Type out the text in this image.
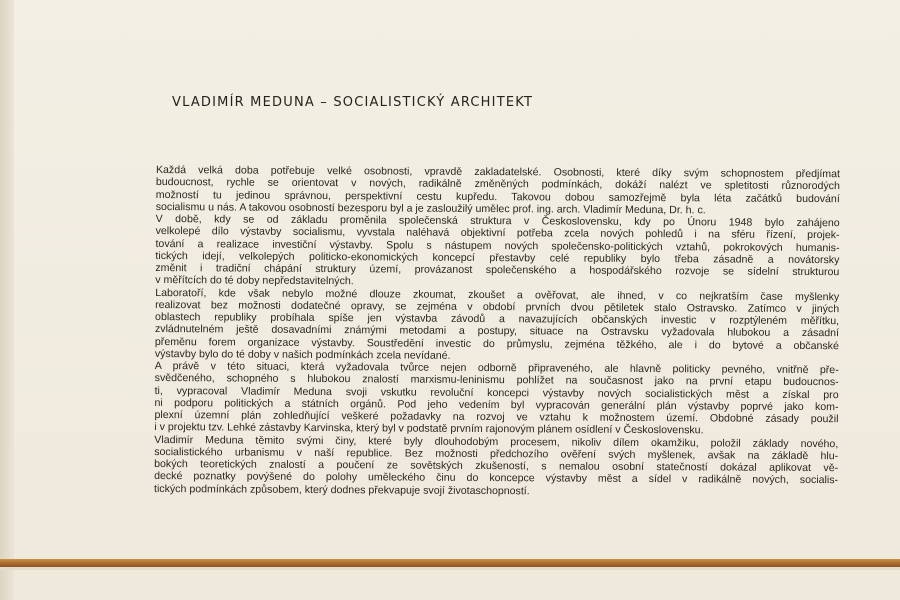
VLADIMÍR MEDUNA – SOCIALISTICKÝ ARCHITEKT
Každá velká doba potřebuje velké osobnosti, vpravdě zakladatelské. Osobnosti, které díky svým schopnostem předjímat
budoucnost, rychle se orientovat v nových, radikálně změněných podmínkách, dokáží nalézt ve spletitosti různorodých
možností tu jedinou správnou, perspektivní cestu kupředu. Takovou dobou samozřejmě byla léta začátků budování
socialismu u nás. A takovou osobností bezesporu byl a je zasloužilý umělec prof. ing. arch. Vladimír Meduna, Dr. h. c.
V době, kdy se od základu proměnila společenská struktura v Československu, kdy po Únoru 1948 bylo zahájeno
velkolepé dílo výstavby socialismu, vyvstala naléhavá objektivní potřeba zcela nových pohledů i na sféru řízení, projek-
tování a realizace investiční výstavby. Spolu s nástupem nových společensko-politických vztahů, pokrokových humanis-
tických idejí, velkolepých politicko-ekonomických koncepcí přestavby celé republiky bylo třeba zásadně a novátorsky
změnit i tradiční chápání struktury území, provázanost společenského a hospodářského rozvoje se sídelní strukturou
v měřítcích do té doby nepředstavitelných.
Laboratoří, kde však nebylo možné dlouze zkoumat, zkoušet a ověřovat, ale ihned, v co nejkratším čase myšlenky
realizovat bez možnosti dodatečné opravy, se zejména v období prvních dvou pětiletek stalo Ostravsko. Zatímco v jiných
oblastech republiky probíhala spíše jen výstavba závodů a navazujících občanských investic v rozptýleném měřítku,
zvládnutelném ještě dosavadními známými metodami a postupy, situace na Ostravsku vyžadovala hlubokou a zásadní
přeměnu forem organizace výstavby. Soustředění investic do průmyslu, zejména těžkého, ale i do bytové a občanské
výstavby bylo do té doby v našich podmínkách zcela nevídané.
A právě v této situaci, která vyžadovala tvůrce nejen odborně připraveného, ale hlavně politicky pevného, vnitřně pře-
svědčeného, schopného s hlubokou znalostí marxismu-leninismu pohlížet na současnost jako na první etapu budoucnos-
ti, vypracoval Vladimír Meduna svoji vskutku revoluční koncepci výstavby nových socialistických měst a získal pro
ni podporu politických a státních orgánů. Pod jeho vedením byl vypracován generální plán výstavby poprvé jako kom-
plexní územní plán zohledňující veškeré požadavky na rozvoj ve vztahu k možnostem území. Obdobné zásady použil
i v projektu tzv. Lehké zástavby Karvinska, který byl v podstatě prvním rajonovým plánem osídlení v Československu.
Vladimír Meduna těmito svými činy, které byly dlouhodobým procesem, nikoliv dílem okamžiku, položil základy nového,
socialistického urbanismu v naší republice. Bez možnosti předchozího ověření svých myšlenek, avšak na základě hlu-
bokých teoretických znalostí a poučení ze sovětských zkušeností, s nemalou osobní statečností dokázal aplikovat vě-
decké poznatky povýšené do polohy uměleckého činu do koncepce výstavby měst a sídel v radikálně nových, socialis-
tických podmínkách způsobem, který dodnes překvapuje svojí životaschopností.
